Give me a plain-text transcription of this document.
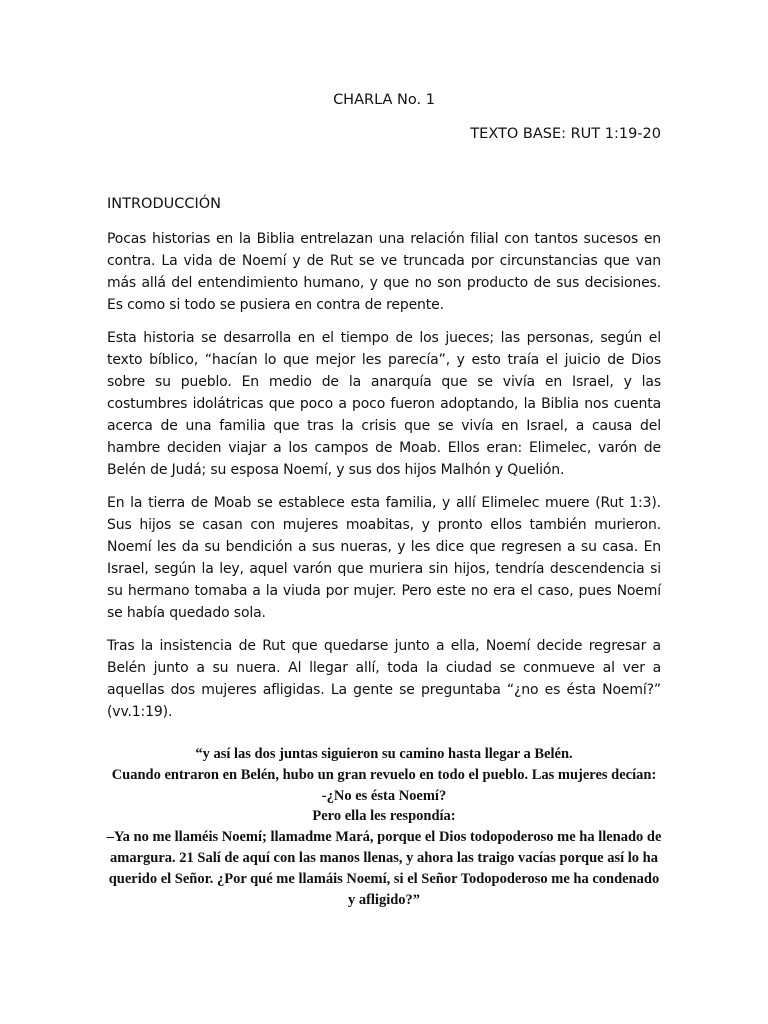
CHARLA No. 1
TEXTO BASE: RUT 1:19-20
INTRODUCCIÓN

Pocas historias en la Biblia entrelazan una relación filial con tantos sucesos en contra. La vida de Noemí y de Rut se ve truncada por circunstancias que van más allá del entendimiento humano, y que no son producto de sus decisiones. Es como si todo se pusiera en contra de repente.

Esta historia se desarrolla en el tiempo de los jueces; las personas, según el texto bíblico, “hacían lo que mejor les parecía”, y esto traía el juicio de Dios sobre su pueblo. En medio de la anarquía que se vivía en Israel, y las costumbres idolátricas que poco a poco fueron adoptando, la Biblia nos cuenta acerca de una familia que tras la crisis que se vivía en Israel, a causa del hambre deciden viajar a los campos de Moab. Ellos eran: Elimelec, varón de Belén de Judá; su esposa Noemí, y sus dos hijos Malhón y Quelión.

En la tierra de Moab se establece esta familia, y allí Elimelec muere (Rut 1:3). Sus hijos se casan con mujeres moabitas, y pronto ellos también murieron. Noemí les da su bendición a sus nueras, y les dice que regresen a su casa. En Israel, según la ley, aquel varón que muriera sin hijos, tendría descendencia si su hermano tomaba a la viuda por mujer. Pero este no era el caso, pues Noemí se había quedado sola.

Tras la insistencia de Rut que quedarse junto a ella, Noemí decide regresar a Belén junto a su nuera. Al llegar allí, toda la ciudad se conmueve al ver a aquellas dos mujeres afligidas. La gente se preguntaba “¿no es ésta Noemí?” (vv.1:19).

“y así las dos juntas siguieron su camino hasta llegar a Belén.
Cuando entraron en Belén, hubo un gran revuelo en todo el pueblo. Las mujeres decían:
-¿No es ésta Noemí?
Pero ella les respondía:
–Ya no me llaméis Noemí; llamadme Mará, porque el Dios todopoderoso me ha llenado de amargura. 21 Salí de aquí con las manos llenas, y ahora las traigo vacías porque así lo ha querido el Señor. ¿Por qué me llamáis Noemí, si el Señor Todopoderoso me ha condenado y afligido?”
